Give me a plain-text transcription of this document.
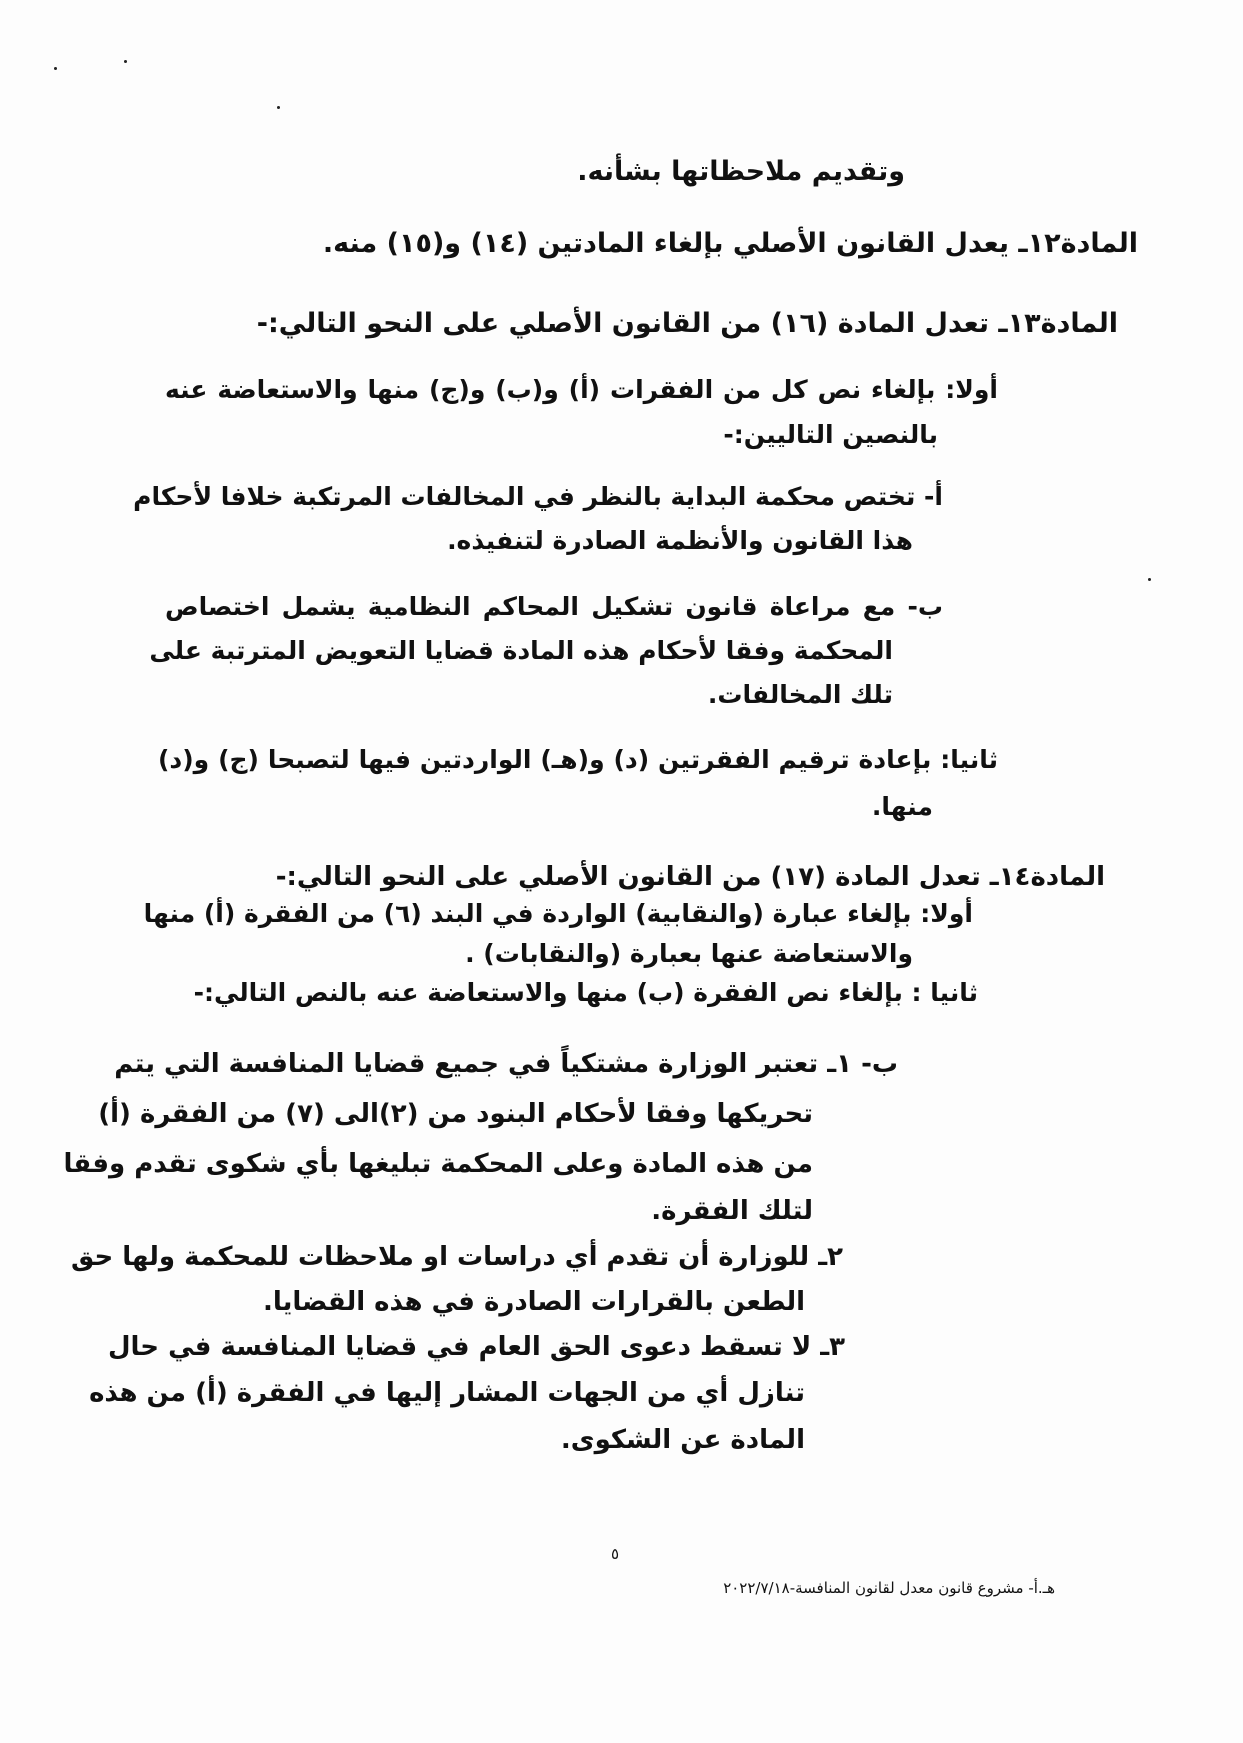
وتقديم ملاحظاتها بشأنه.
المادة١٢ـ يعدل القانون الأصلي بإلغاء المادتين (١٤) و(١٥) منه.
المادة١٣ـ تعدل المادة (١٦) من القانون الأصلي على النحو التالي:-
أولا: بإلغاء نص كل من الفقرات (أ) و(ب) و(ج) منها والاستعاضة عنه
بالنصين التاليين:-
أ- تختص محكمة البداية بالنظر في المخالفات المرتكبة خلافا لأحكام
هذا القانون والأنظمة الصادرة لتنفيذه.
ب- مع مراعاة قانون تشكيل المحاكم النظامية يشمل اختصاص
المحكمة وفقا لأحكام هذه المادة قضايا التعويض المترتبة على
تلك المخالفات.
ثانيا: بإعادة ترقيم الفقرتين (د) و(هـ) الواردتين فيها لتصبحا (ج) و(د)
منها.
المادة١٤ـ تعدل المادة (١٧) من القانون الأصلي على النحو التالي:-
أولا: بإلغاء عبارة (والنقابية) الواردة في البند (٦) من الفقرة (أ) منها
والاستعاضة عنها بعبارة (والنقابات) .
ثانيا : بإلغاء نص الفقرة (ب) منها والاستعاضة عنه بالنص التالي:-
ب- ١ـ تعتبر الوزارة مشتكياً في جميع قضايا المنافسة التي يتم
تحريكها وفقا لأحكام البنود من (٢)الى (٧) من الفقرة (أ)
من هذه المادة وعلى المحكمة تبليغها بأي شكوى تقدم وفقا
لتلك الفقرة.
٢ـ للوزارة أن تقدم أي دراسات او ملاحظات للمحكمة ولها حق
الطعن بالقرارات الصادرة في هذه القضايا.
٣ـ لا تسقط دعوى الحق العام في قضايا المنافسة في حال
تنازل أي من الجهات المشار إليها في الفقرة (أ) من هذه
المادة عن الشكوى.
٥
هـ.أ- مشروع قانون معدل لقانون المنافسة-٢٠٢٢/٧/١٨
